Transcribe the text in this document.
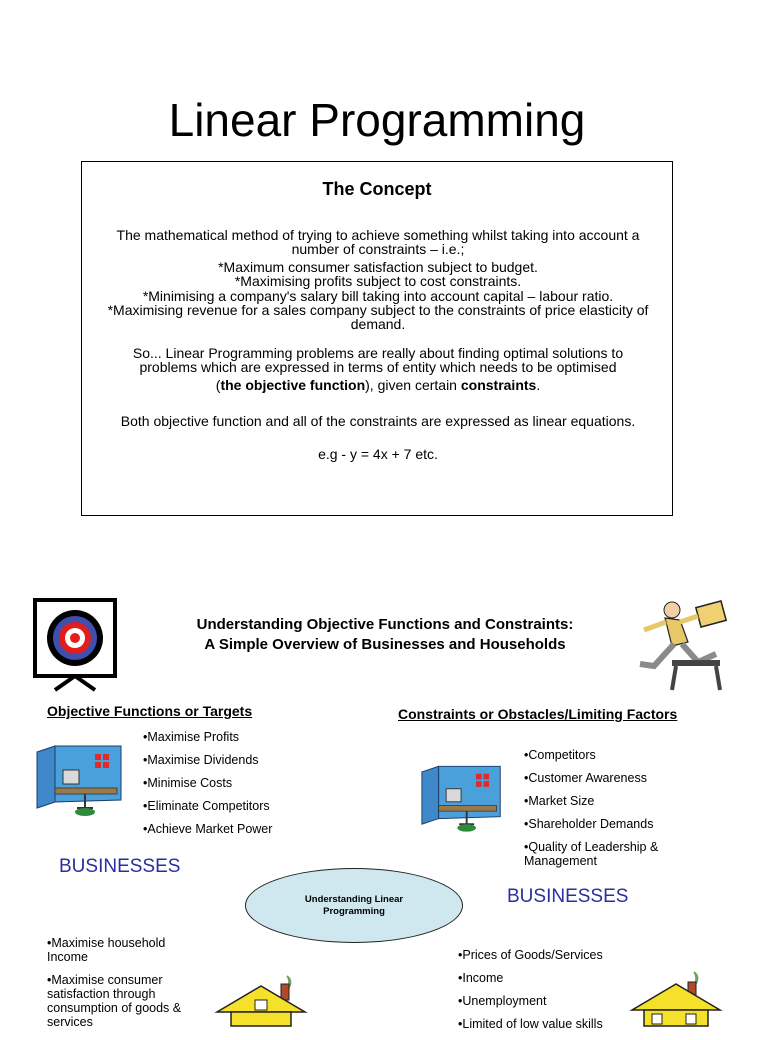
Linear Programming
The Concept
The mathematical method of trying to achieve something whilst taking into account a
number of constraints – i.e.;
*Maximum consumer satisfaction subject to budget.
*Maximising profits subject to cost constraints.
*Minimising a company's salary bill taking into account capital – labour ratio.
*Maximising revenue for a sales company subject to the constraints of price elasticity of
demand.
So... Linear Programming problems are really about finding optimal solutions to
problems which are expressed in terms of entity which needs to be optimised
(the objective function), given certain constraints.
Both objective function and all of the constraints are expressed as linear equations.
e.g - y = 4x + 7 etc.
Understanding Objective Functions and Constraints:
A Simple Overview of Businesses and Households
Objective Functions or Targets	Constraints or Obstacles/Limiting Factors
•Maximise Profits
•Maximise Dividends
•Minimise Costs
•Eliminate Competitors
•Achieve Market Power
•Competitors
•Customer Awareness
•Market Size
•Shareholder Demands
•Quality of Leadership & Management
BUSINESSES
BUSINESSES
Understanding Linear Programming
•Maximise household Income
•Maximise consumer satisfaction through consumption of goods & services
•Prices of Goods/Services
•Income
•Unemployment
•Limited of low value skills
